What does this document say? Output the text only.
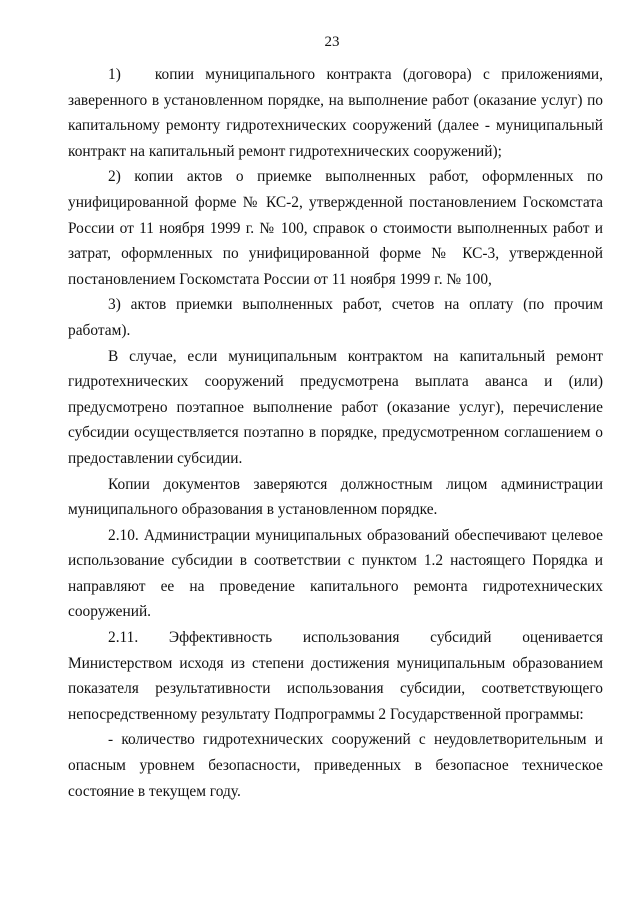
23

1)   копии муниципального контракта (договора) с приложениями, заверенного в установленном порядке, на выполнение работ (оказание услуг) по капитальному ремонту гидротехнических сооружений (далее - муниципальный контракт на капитальный ремонт гидротехнических сооружений);

2) копии актов о приемке выполненных работ, оформленных по унифицированной форме № КС-2, утвержденной постановлением Госкомстата России от 11 ноября 1999 г. № 100, справок о стоимости выполненных работ и затрат, оформленных по унифицированной форме № КС-3, утвержденной постановлением Госкомстата России от 11 ноября 1999 г. № 100,

3) актов приемки выполненных работ, счетов на оплату (по прочим работам).

В случае, если муниципальным контрактом на капитальный ремонт гидротехнических сооружений предусмотрена выплата аванса и (или) предусмотрено поэтапное выполнение работ (оказание услуг), перечисление субсидии осуществляется поэтапно в порядке, предусмотренном соглашением о предоставлении субсидии.

Копии документов заверяются должностным лицом администрации муниципального образования в установленном порядке.

2.10. Администрации муниципальных образований обеспечивают целевое использование субсидии в соответствии с пунктом 1.2 настоящего Порядка и направляют ее на проведение капитального ремонта гидротехнических сооружений.

2.11. Эффективность использования субсидий оценивается Министерством исходя из степени достижения муниципальным образованием показателя результативности использования субсидии, соответствующего непосредственному результату Подпрограммы 2 Государственной программы:

- количество гидротехнических сооружений с неудовлетворительным и опасным уровнем безопасности, приведенных в безопасное техническое состояние в текущем году.
